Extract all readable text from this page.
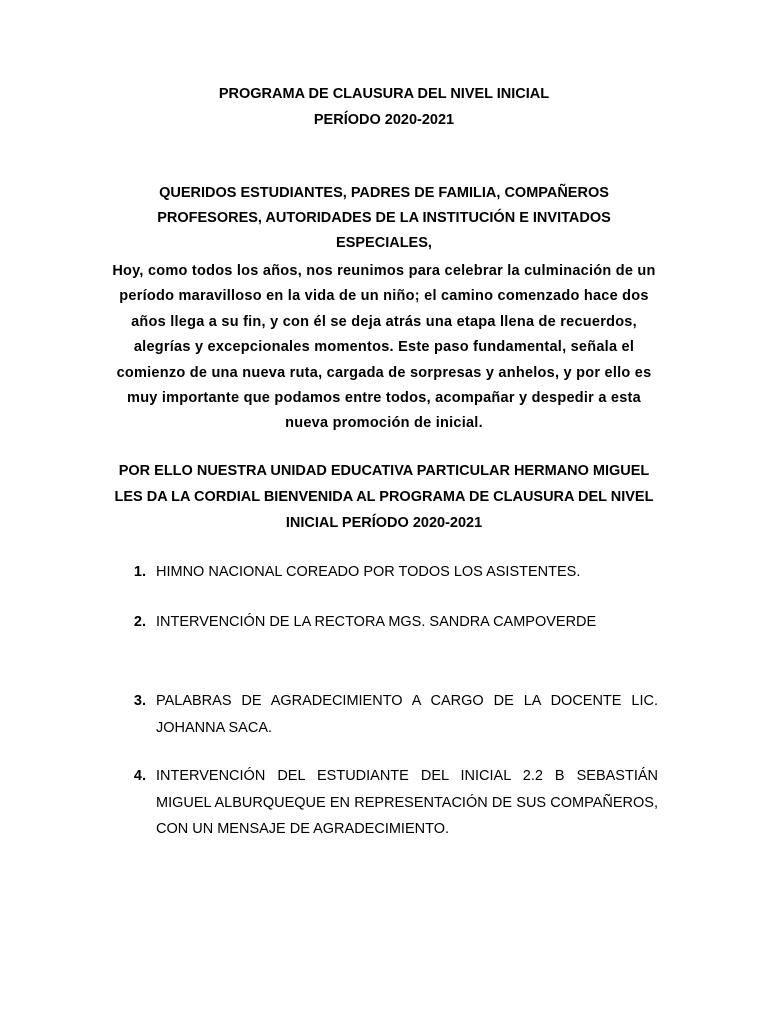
PROGRAMA DE CLAUSURA DEL NIVEL INICIAL
PERÍODO 2020-2021

QUERIDOS ESTUDIANTES, PADRES DE FAMILIA, COMPAÑEROS PROFESORES, AUTORIDADES DE LA INSTITUCIÓN E INVITADOS ESPECIALES,

Hoy, como todos los años, nos reunimos para celebrar la culminación de un período maravilloso en la vida de un niño; el camino comenzado hace dos años llega a su fin, y con él se deja atrás una etapa llena de recuerdos, alegrías y excepcionales momentos. Este paso fundamental, señala el comienzo de una nueva ruta, cargada de sorpresas y anhelos, y por ello es muy importante que podamos entre todos, acompañar y despedir a esta nueva promoción de inicial.

POR ELLO NUESTRA UNIDAD EDUCATIVA PARTICULAR HERMANO MIGUEL LES DA LA CORDIAL BIENVENIDA AL PROGRAMA DE CLAUSURA DEL NIVEL INICIAL PERÍODO 2020-2021

1. HIMNO NACIONAL COREADO POR TODOS LOS ASISTENTES.
2. INTERVENCIÓN DE LA RECTORA MGS. SANDRA CAMPOVERDE
3. PALABRAS DE AGRADECIMIENTO A CARGO DE LA DOCENTE LIC. JOHANNA SACA.
4. INTERVENCIÓN DEL ESTUDIANTE DEL INICIAL 2.2 B SEBASTIÁN MIGUEL ALBURQUEQUE EN REPRESENTACIÓN DE SUS COMPAÑEROS, CON UN MENSAJE DE AGRADECIMIENTO.
